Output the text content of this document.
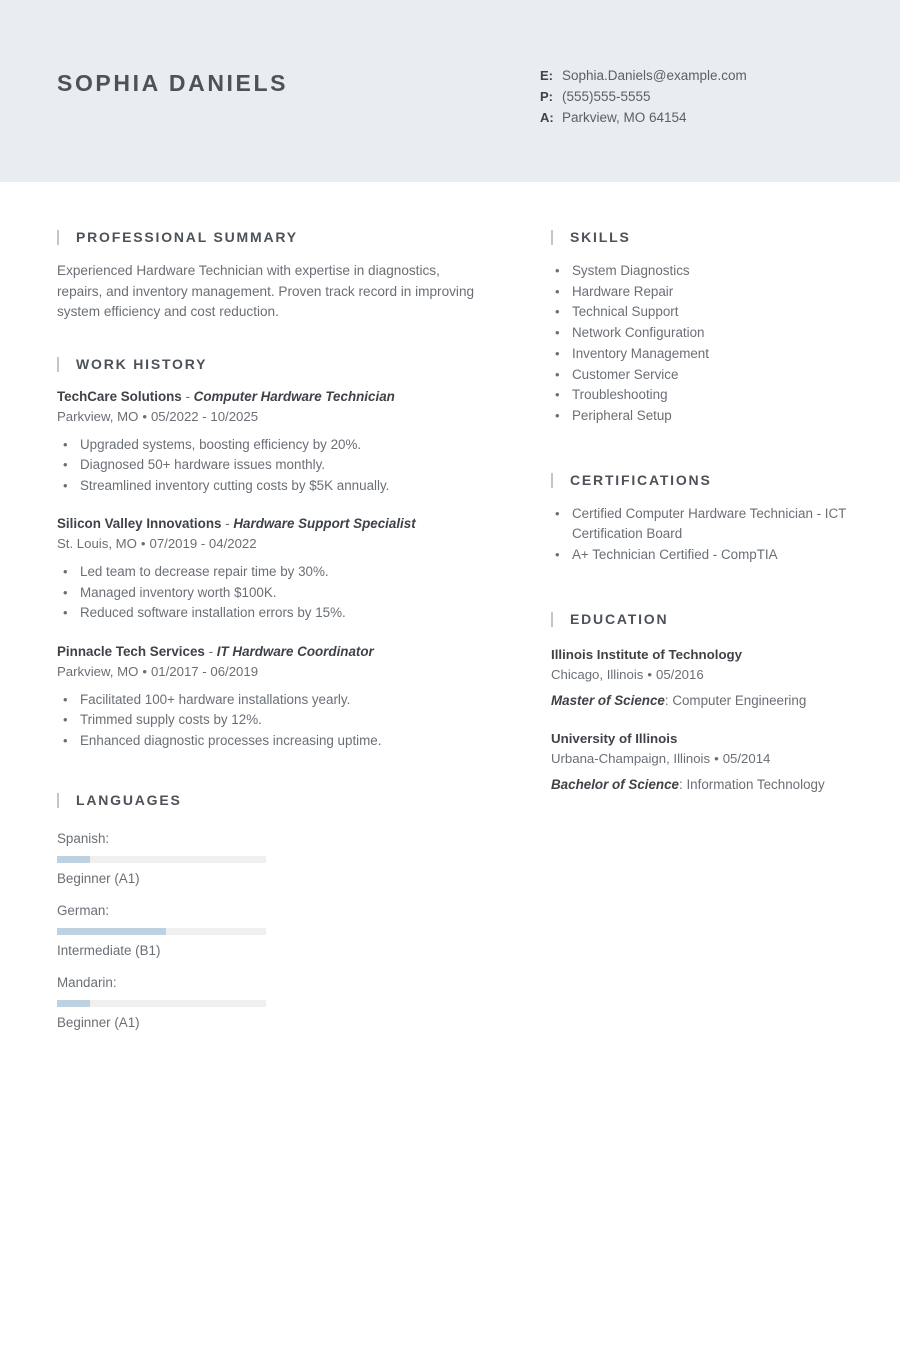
SOPHIA DANIELS	E: Sophia.Daniels@example.com
P: (555)555-5555
A: Parkview, MO 64154
PROFESSIONAL SUMMARY

Experienced Hardware Technician with expertise in diagnostics, repairs, and inventory management. Proven track record in improving system efficiency and cost reduction.

WORK HISTORY
TechCare Solutions - Computer Hardware Technician
Parkview, MO • 05/2022 - 10/2025
• Upgraded systems, boosting efficiency by 20%.
• Diagnosed 50+ hardware issues monthly.
• Streamlined inventory cutting costs by $5K annually.
Silicon Valley Innovations - Hardware Support Specialist
St. Louis, MO • 07/2019 - 04/2022
• Led team to decrease repair time by 30%.
• Managed inventory worth $100K.
• Reduced software installation errors by 15%.
Pinnacle Tech Services - IT Hardware Coordinator
Parkview, MO • 01/2017 - 06/2019
• Facilitated 100+ hardware installations yearly.
• Trimmed supply costs by 12%.
• Enhanced diagnostic processes increasing uptime.
LANGUAGES
Spanish:
Beginner (A1)
German:
Intermediate (B1)
Mandarin:
Beginner (A1)
SKILLS
• System Diagnostics
• Hardware Repair
• Technical Support
• Network Configuration
• Inventory Management
• Customer Service
• Troubleshooting
• Peripheral Setup
CERTIFICATIONS
• Certified Computer Hardware Technician - ICT Certification Board
• A+ Technician Certified - CompTIA
EDUCATION
Illinois Institute of Technology
Chicago, Illinois • 05/2016
Master of Science: Computer Engineering
University of Illinois
Urbana-Champaign, Illinois • 05/2014
Bachelor of Science: Information Technology
